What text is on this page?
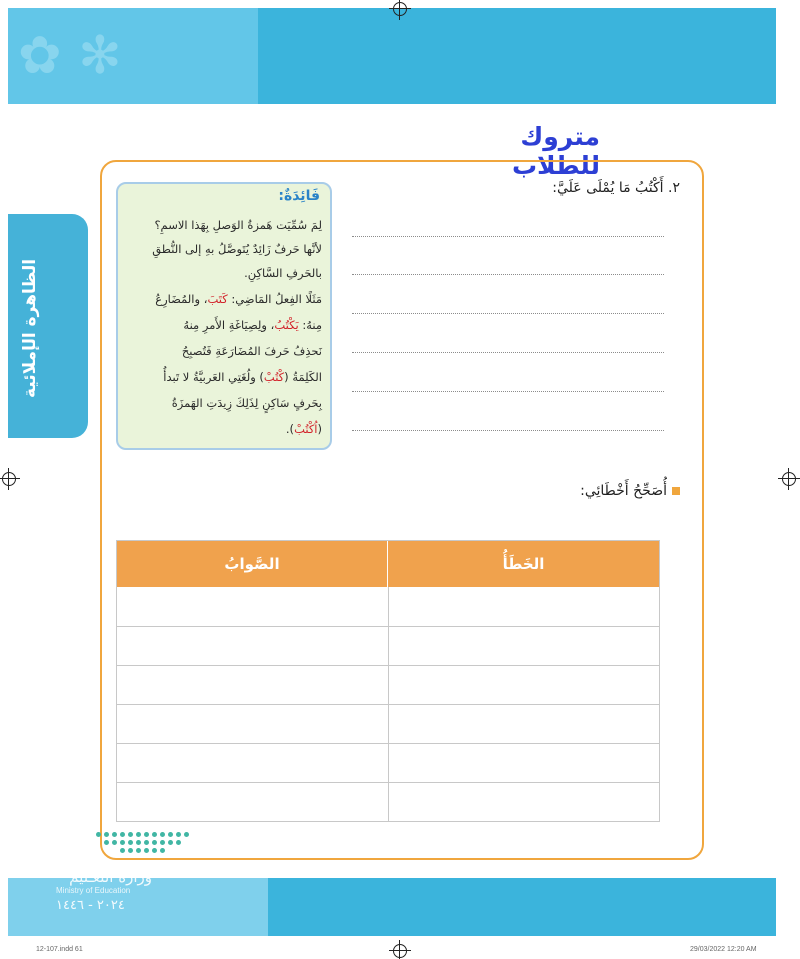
✿ ✻
الظاهرة الإملائية
متروك للطلاب
فَائِدَةٌ:
لِمَ سُمِّيَت هَمزةُ الوَصلِ بِهَذا الاسمِ؟
لأنَّها حَرفٌ زَائِدٌ يُتَوصَّلُ بهِ إلى النُّطقِ
بالحَرفِ السَّاكِنِ.
مَثَلًا الفِعلُ المَاضِي: كَتَبَ، والمُضَارِعُ
مِنهُ: يَكْتُبُ، ولِصِيَاغَةِ الأَمرِ مِنهُ
نَحذِفُ حَرفَ المُضَارَعَةِ فَتُصبِحُ
الكَلِمَةُ (كْتُبْ) ولُغَتِي العَربيَّةُ لا تَبدأُ
بِحَرفٍ سَاكِنٍ لِذَلِكَ زِيدَتِ الهَمزَةُ
(اُكْتُبْ).
٢. أَكْتُبُ مَا يُمْلَى عَلَيَّ:
أُصَحِّحُ أَخْطَائِي:
الخَطَأُ
الصَّوابُ
وزارة التعـليم
Ministry of Education
٢٠٢٤ - ١٤٤٦
12-107.indd 61	29/03/2022 12:20 AM
